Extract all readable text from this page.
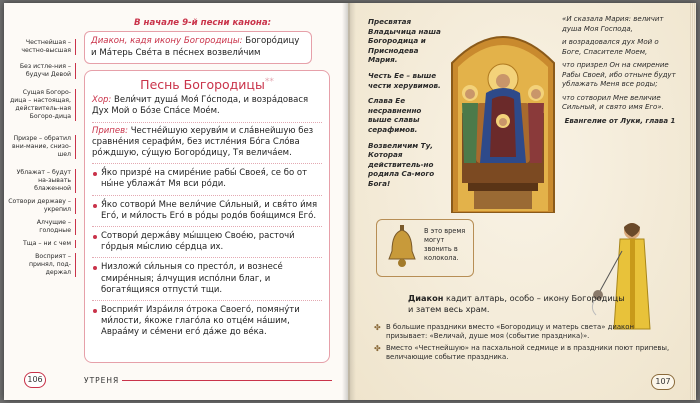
В начале 9-й песни канона:
Честнейшая – честно-высшая
Без истле-ния – будучи Девой
Сущая Богоро-дица – настоящая, действитель-ная Богоро-дица
Призре – обратил вни-мание, снизо-шел
Ублажат – будут на-зывать блаженной
Сотвори державу – укрепил
Алчущие – голодные
Тща – ни с чем
Восприят – принял, под-держал
Диакон, кадя икону Богородицы: Богоро́дицу
и Ма́терь Све́та в пе́снех возвели́чим
Песнь Богородицы**
Хор: Вели́чит душа́ Моя́ Го́спода, и возра́довася Дух Мой о Бо́зе Спа́се Мое́м.
Припев: Честне́йшую херуви́м и сла́внейшую без сравне́ния серафи́м, без истле́ния Бо́га Сло́ва ро́ждшую, су́щую Богоро́дицу, Тя велича́ем.
Я́ко призре́ на смире́ние рабы́ Своея́, се бо от ны́не ублажа́т Мя вси ро́ди.
Я́ко сотвори́ Мне вели́чие Си́льный, и свя́то и́мя Его́, и ми́лость Его́ в ро́ды родо́в боя́щимся Его́.
Сотвори́ держа́ву мы́шцею Свое́ю, расточи́ го́рдыя мы́слию се́рдца их.
Низложи́ си́льныя со престо́л, и вознесе́ смире́нныя; а́лчущия испо́лни благ, и богатя́щияся отпусти́ тщи.
Восприя́т Изра́иля о́трока Своего́, помяну́ти ми́лости, я́коже глаго́ла ко отце́м на́шим, Авраа́му и се́мени его́ да́же до ве́ка.
106	УТРЕНЯ

Пресвятая Владычица наша Богородица и Приснодева Мария.

Честь Ее – выше чести херувимов.

Слава Ее несравненно выше славы серафимов.

Возвеличим Ту, Которая действитель-но родила Са-мого Бога!

«И сказала Мария: величит душа Моя Господа,

и возрадовался дух Мой о Боге, Спасителе Моем,

что призрел Он на смирение Рабы Своей, ибо отныне будут ублажать Меня все роды;

что сотворил Мне величие Сильный, и свято имя Его».

Евангелие от Луки, глава 1

В это время могут звонить в колокола.
Диакон кадит алтарь, особо – икону Богородицы и затем весь храм.
✤ В большие праздники вместо «Богородицу и матерь света» диакон призывает: «Величай, душе моя (событие праздника)».
✤ Вместо «Честнейшую» на пасхальной седмице и в праздники поют припевы, величающие событие праздника.
107
